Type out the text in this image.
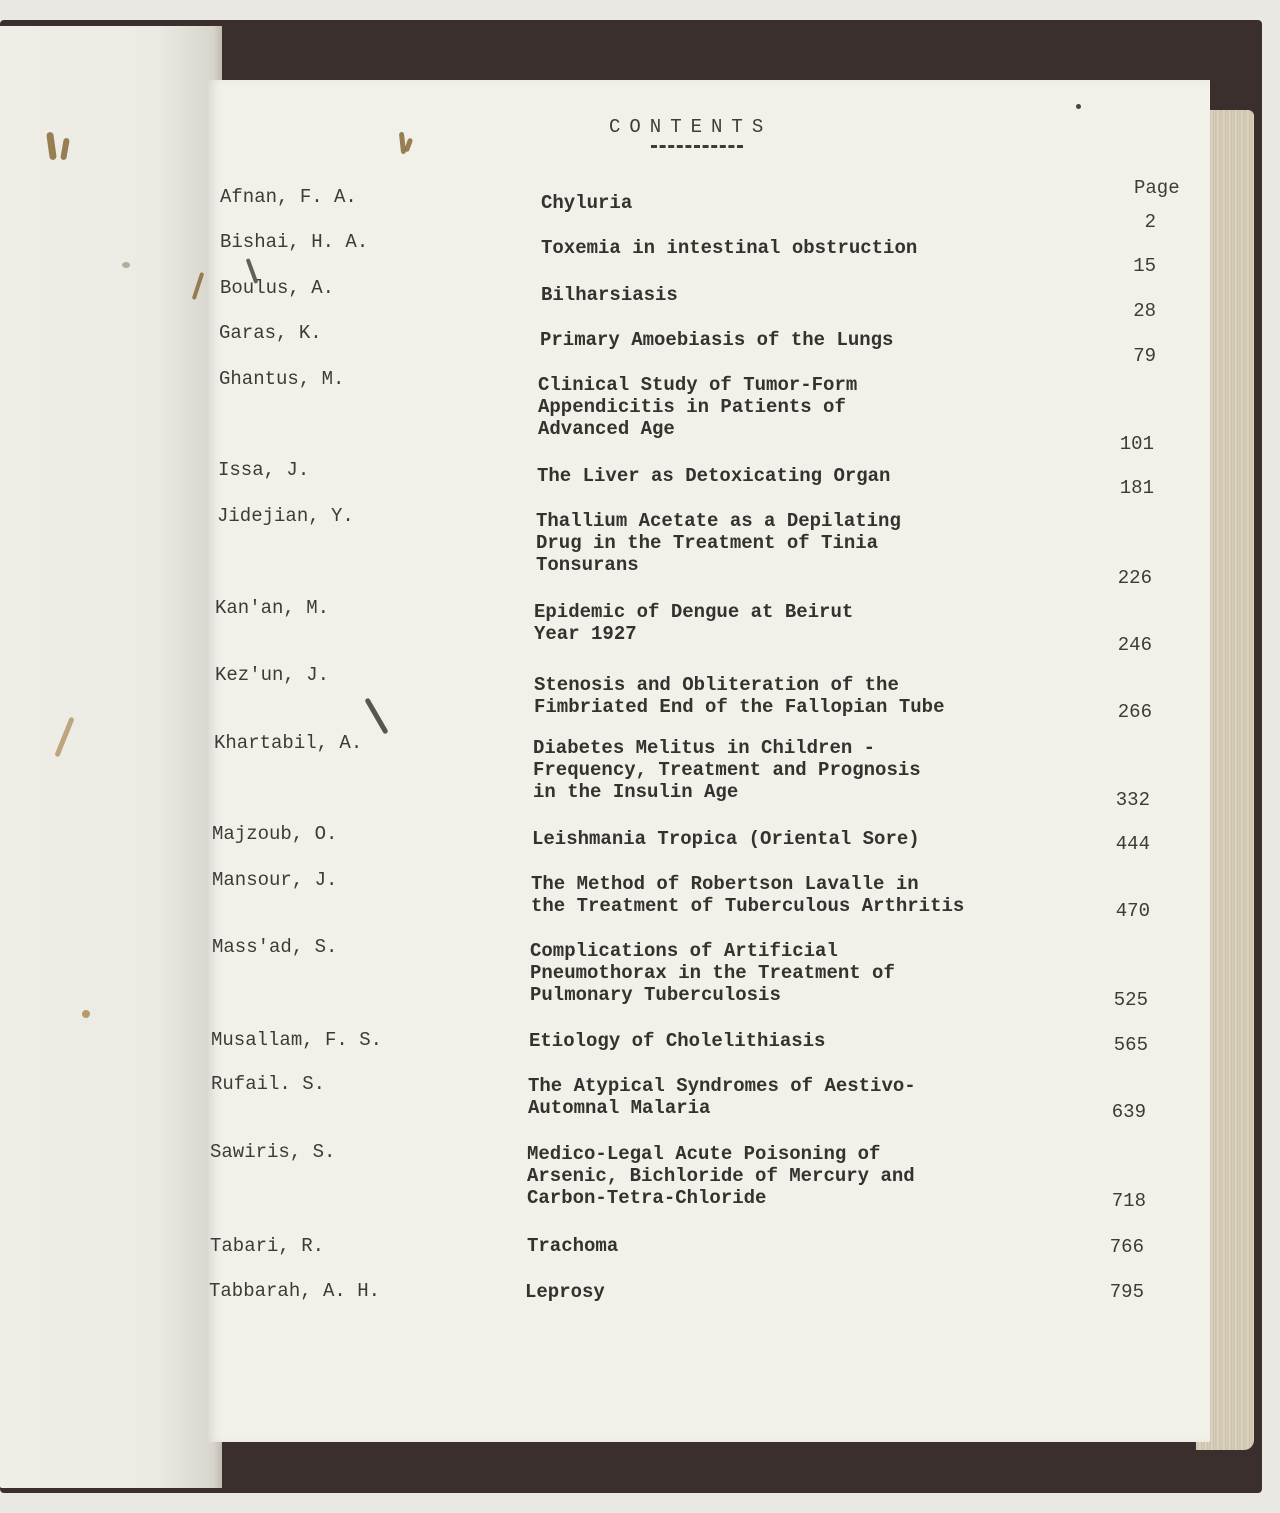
CONTENTS
Page
Afnan, F. A.	Chyluria
2
Bishai, H. A.	Toxemia in intestinal obstruction
15
Boulus, A.	Bilharsiasis
28
Garas, K.	Primary Amoebiasis of the Lungs
79
Ghantus, M.	Clinical Study of Tumor-Form
Appendicitis in Patients of
Advanced Age
101
Issa, J.	The Liver as Detoxicating Organ
181
Jidejian, Y.	Thallium Acetate as a Depilating
Drug in the Treatment of Tinia
Tonsurans
226
Kan'an, M.	Epidemic of Dengue at Beirut
Year 1927	246
Kez'un, J.	Stenosis and Obliteration of the
Fimbriated End of the Fallopian Tube	266
Khartabil, A.	Diabetes Melitus in Children -
Frequency, Treatment and Prognosis
in the Insulin Age	332
Majzoub, O.	Leishmania Tropica (Oriental Sore)	444
Mansour, J.	The Method of Robertson Lavalle in
the Treatment of Tuberculous Arthritis	470
Mass'ad, S.	Complications of Artificial
Pneumothorax in the Treatment of
Pulmonary Tuberculosis	525
Musallam, F. S.	Etiology of Cholelithiasis	565
Rufail. S.	The Atypical Syndromes of Aestivo-
Automnal Malaria	639
Sawiris, S.	Medico-Legal Acute Poisoning of
Arsenic, Bichloride of Mercury and
Carbon-Tetra-Chloride	718
Tabari, R.	Trachoma	766
Tabbarah, A. H.	Leprosy	795
